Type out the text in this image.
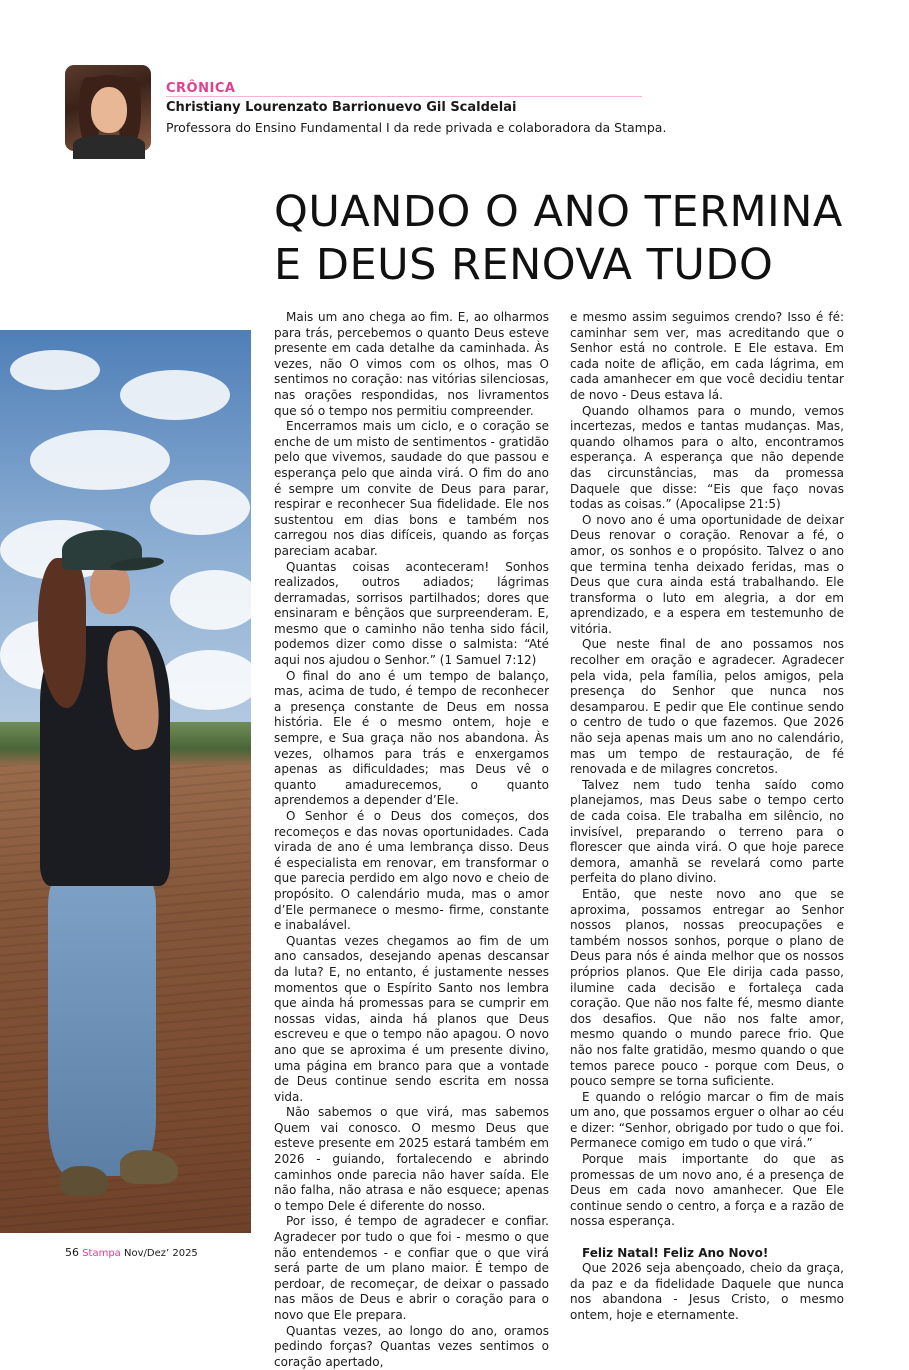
CRÔNICA
Christiany Lourenzato Barrionuevo Gil Scaldelai
Professora do Ensino Fundamental I da rede privada e colaboradora da Stampa.
QUANDO O ANO TERMINA
E DEUS RENOVA TUDO

Mais um ano chega ao fim. E, ao olharmos para trás, percebemos o quanto Deus esteve presente em cada detalhe da caminhada. Às vezes, não O vimos com os olhos, mas O sentimos no coração: nas vitórias silenciosas, nas orações respondidas, nos livramentos que só o tempo nos permitiu compreender.

Encerramos mais um ciclo, e o coração se enche de um misto de sentimentos - gratidão pelo que vivemos, saudade do que passou e esperança pelo que ainda virá. O fim do ano é sempre um convite de Deus para parar, respirar e reconhecer Sua fidelidade. Ele nos sustentou em dias bons e também nos carregou nos dias difíceis, quando as forças pareciam acabar.

Quantas coisas aconteceram! Sonhos realizados, outros adiados; lágrimas derramadas, sorrisos partilhados; dores que ensinaram e bênçãos que surpreenderam. E, mesmo que o caminho não tenha sido fácil, podemos dizer como disse o salmista: “Até aqui nos ajudou o Senhor.” (1 Samuel 7:12)

O final do ano é um tempo de balanço, mas, acima de tudo, é tempo de reconhecer a presença constante de Deus em nossa história. Ele é o mesmo ontem, hoje e sempre, e Sua graça não nos abandona. Às vezes, olhamos para trás e enxergamos apenas as dificuldades; mas Deus vê o quanto amadurecemos, o quanto aprendemos a depender d’Ele.

O Senhor é o Deus dos começos, dos recomeços e das novas oportunidades. Cada virada de ano é uma lembrança disso. Deus é especialista em renovar, em transformar o que parecia perdido em algo novo e cheio de propósito. O calendário muda, mas o amor d’Ele permanece o mesmo- firme, constante e inabalável.

Quantas vezes chegamos ao fim de um ano cansados, desejando apenas descansar da luta? E, no entanto, é justamente nesses momentos que o Espírito Santo nos lembra que ainda há promessas para se cumprir em nossas vidas, ainda há planos que Deus escreveu e que o tempo não apagou. O novo ano que se aproxima é um presente divino, uma página em branco para que a vontade de Deus continue sendo escrita em nossa vida.

Não sabemos o que virá, mas sabemos Quem vai conosco. O mesmo Deus que esteve presente em 2025 estará também em 2026 - guiando, fortalecendo e abrindo caminhos onde parecia não haver saída. Ele não falha, não atrasa e não esquece; apenas o tempo Dele é diferente do nosso.

Por isso, é tempo de agradecer e confiar. Agradecer por tudo o que foi - mesmo o que não entendemos - e confiar que o que virá será parte de um plano maior. É tempo de perdoar, de recomeçar, de deixar o passado nas mãos de Deus e abrir o coração para o novo que Ele prepara.

Quantas vezes, ao longo do ano, oramos pedindo forças? Quantas vezes sentimos o coração apertado,

e mesmo assim seguimos crendo? Isso é fé: caminhar sem ver, mas acreditando que o Senhor está no controle. E Ele estava. Em cada noite de aflição, em cada lágrima, em cada amanhecer em que você decidiu tentar de novo - Deus estava lá.

Quando olhamos para o mundo, vemos incertezas, medos e tantas mudanças. Mas, quando olhamos para o alto, encontramos esperança. A esperança que não depende das circunstâncias, mas da promessa Daquele que disse: “Eis que faço novas todas as coisas.” (Apocalipse 21:5)

O novo ano é uma oportunidade de deixar Deus renovar o coração. Renovar a fé, o amor, os sonhos e o propósito. Talvez o ano que termina tenha deixado feridas, mas o Deus que cura ainda está trabalhando. Ele transforma o luto em alegria, a dor em aprendizado, e a espera em testemunho de vitória.

Que neste final de ano possamos nos recolher em oração e agradecer. Agradecer pela vida, pela família, pelos amigos, pela presença do Senhor que nunca nos desamparou. E pedir que Ele continue sendo o centro de tudo o que fazemos. Que 2026 não seja apenas mais um ano no calendário, mas um tempo de restauração, de fé renovada e de milagres concretos.

Talvez nem tudo tenha saído como planejamos, mas Deus sabe o tempo certo de cada coisa. Ele trabalha em silêncio, no invisível, preparando o terreno para o florescer que ainda virá. O que hoje parece demora, amanhã se revelará como parte perfeita do plano divino.

Então, que neste novo ano que se aproxima, possamos entregar ao Senhor nossos planos, nossas preocupações e também nossos sonhos, porque o plano de Deus para nós é ainda melhor que os nossos próprios planos. Que Ele dirija cada passo, ilumine cada decisão e fortaleça cada coração. Que não nos falte fé, mesmo diante dos desafios. Que não nos falte amor, mesmo quando o mundo parece frio. Que não nos falte gratidão, mesmo quando o que temos parece pouco - porque com Deus, o pouco sempre se torna suficiente.

E quando o relógio marcar o fim de mais um ano, que possamos erguer o olhar ao céu e dizer: “Senhor, obrigado por tudo o que foi. Permanece comigo em tudo o que virá.”

Porque mais importante do que as promessas de um novo ano, é a presença de Deus em cada novo amanhecer. Que Ele continue sendo o centro, a força e a razão de nossa esperança.

Feliz Natal! Feliz Ano Novo!

Que 2026 seja abençoado, cheio da graça, da paz e da fidelidade Daquele que nunca nos abandona - Jesus Cristo, o mesmo ontem, hoje e eternamente.

56 Stampa Nov/Dez’ 2025
